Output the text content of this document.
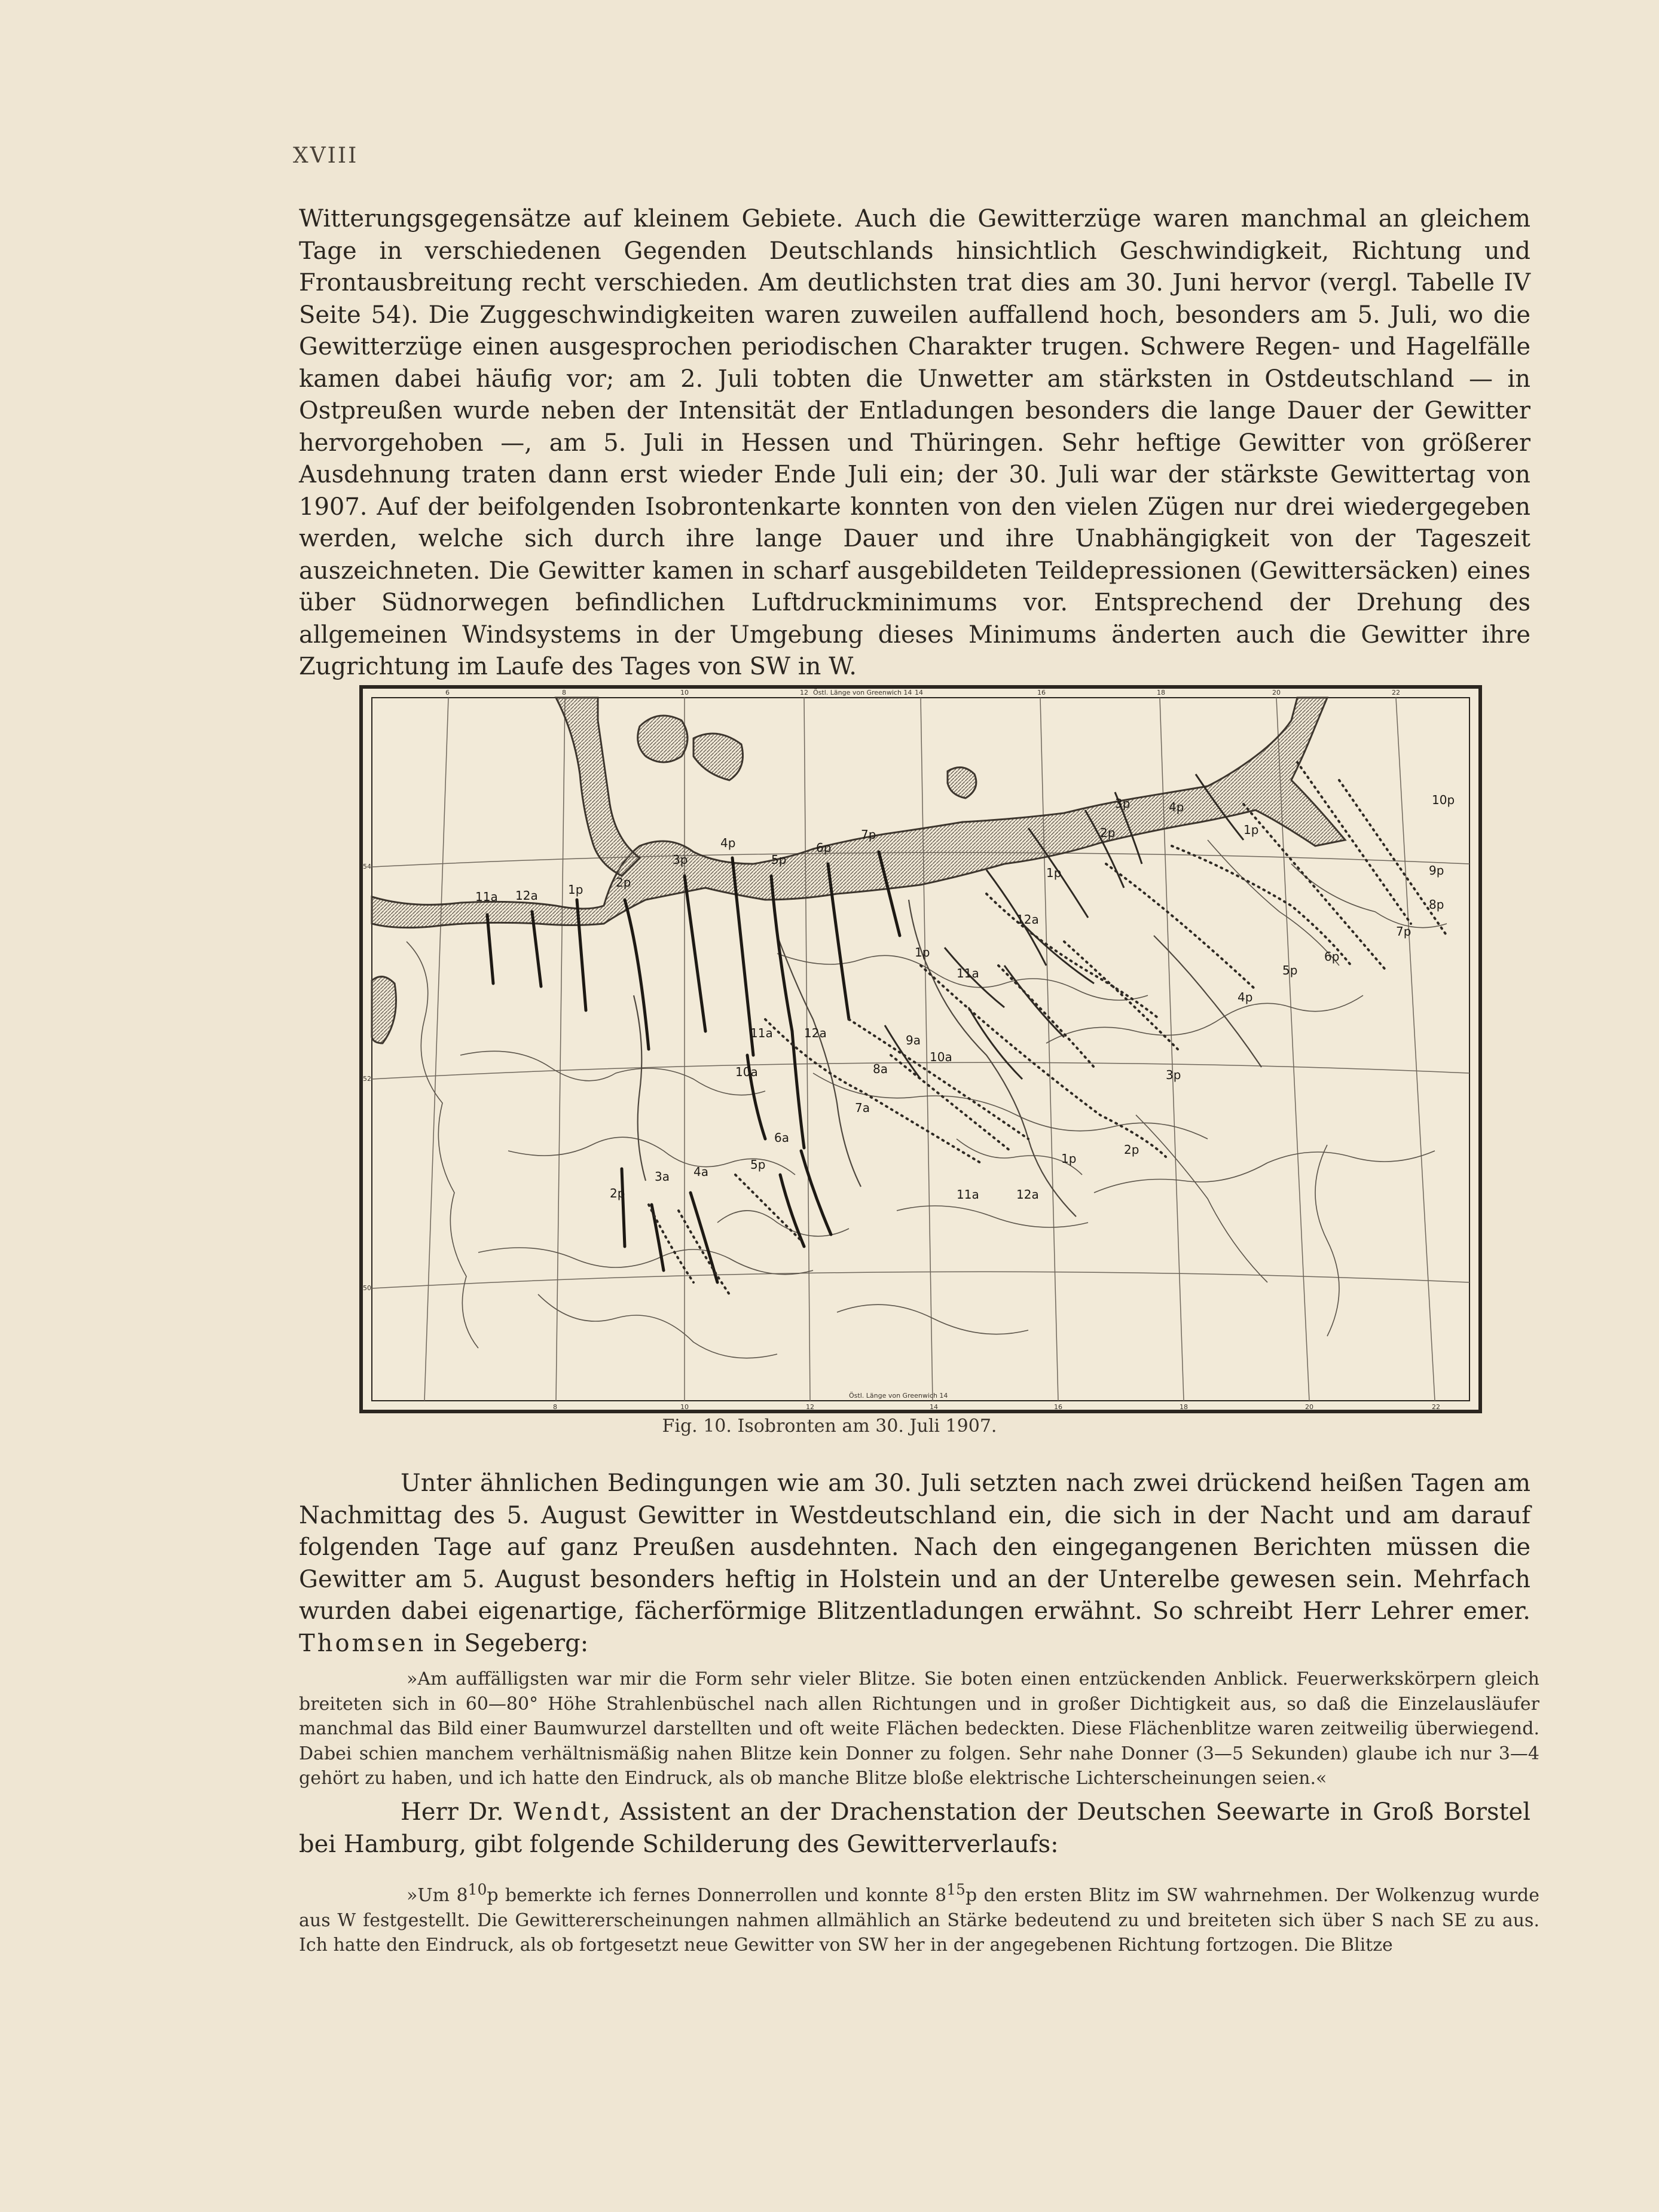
XVIII

Witterungsgegensätze auf kleinem Gebiete. Auch die Gewitterzüge waren manchmal an gleichem Tage in verschiedenen Gegenden Deutschlands hinsichtlich Geschwindigkeit, Richtung und Frontausbreitung recht verschieden. Am deutlichsten trat dies am 30. Juni hervor (vergl. Tabelle IV Seite 54). Die Zuggeschwindigkeiten waren zuweilen auffallend hoch, besonders am 5. Juli, wo die Gewitterzüge einen ausgesprochen periodischen Charakter trugen. Schwere Regen- und Hagelfälle kamen dabei häufig vor; am 2. Juli tobten die Unwetter am stärksten in Ostdeutschland — in Ostpreußen wurde neben der Intensität der Entladungen besonders die lange Dauer der Gewitter hervorgehoben —, am 5. Juli in Hessen und Thüringen. Sehr heftige Gewitter von größerer Ausdehnung traten dann erst wieder Ende Juli ein; der 30. Juli war der stärkste Gewittertag von 1907. Auf der beifolgenden Isobrontenkarte konnten von den vielen Zügen nur drei wiedergegeben werden, welche sich durch ihre lange Dauer und ihre Unabhängigkeit von der Tageszeit auszeichneten. Die Gewitter kamen in scharf ausgebildeten Teildepressionen (Gewittersäcken) eines über Südnorwegen befindlichen Luftdruckminimums vor. Entsprechend der Drehung des allgemeinen Windsystems in der Umgebung dieses Minimums änderten auch die Gewitter ihre Zugrichtung im Laufe des Tages von SW in W.

11a 12a	1p	2p
3p
4p
5p
6p
7p
10a
11a	12a
8a
9a
7a
6a
5p
3a 4a
2p
10a
11a
12a
1p
2p
3p	4p
1p
11a	12a
1p
2p
3p
4p
5p
6p
7p
8p
9p
10p
1p
6	8	10	12	14	16	18	20	22
8	10	12	14	16	18	20	22
54
52
50
Östl. Länge von Greenwich 14
Östl. Länge von Greenwich 14
Fig. 10. Isobronten am 30. Juli 1907.

Unter ähnlichen Bedingungen wie am 30. Juli setzten nach zwei drückend heißen Tagen am Nachmittag des 5. August Gewitter in Westdeutschland ein, die sich in der Nacht und am darauf folgenden Tage auf ganz Preußen ausdehnten. Nach den eingegangenen Berichten müssen die Gewitter am 5. August besonders heftig in Holstein und an der Unterelbe gewesen sein. Mehrfach wurden dabei eigenartige, fächerförmige Blitzentladungen erwähnt. So schreibt Herr Lehrer emer. Thomsen in Segeberg:

»Am auffälligsten war mir die Form sehr vieler Blitze. Sie boten einen entzückenden Anblick. Feuerwerkskörpern gleich breiteten sich in 60—80° Höhe Strahlenbüschel nach allen Richtungen und in großer Dichtigkeit aus, so daß die Einzelausläufer manchmal das Bild einer Baumwurzel darstellten und oft weite Flächen bedeckten. Diese Flächenblitze waren zeitweilig überwiegend. Dabei schien manchem verhältnismäßig nahen Blitze kein Donner zu folgen. Sehr nahe Donner (3—5 Sekunden) glaube ich nur 3—4 gehört zu haben, und ich hatte den Eindruck, als ob manche Blitze bloße elektrische Lichterscheinungen seien.«

Herr Dr. Wendt, Assistent an der Drachenstation der Deutschen Seewarte in Groß Borstel bei Hamburg, gibt folgende Schilderung des Gewitterverlaufs:

»Um $8^{10}p$ bemerkte ich fernes Donnerrollen und konnte $8^{15}p$ den ersten Blitz im SW wahrnehmen. Der Wolkenzug wurde aus W festgestellt. Die Gewittererscheinungen nahmen allmählich an Stärke bedeutend zu und breiteten sich über S nach SE zu aus. Ich hatte den Eindruck, als ob fortgesetzt neue Gewitter von SW her in der angegebenen Richtung fortzogen. Die Blitze
